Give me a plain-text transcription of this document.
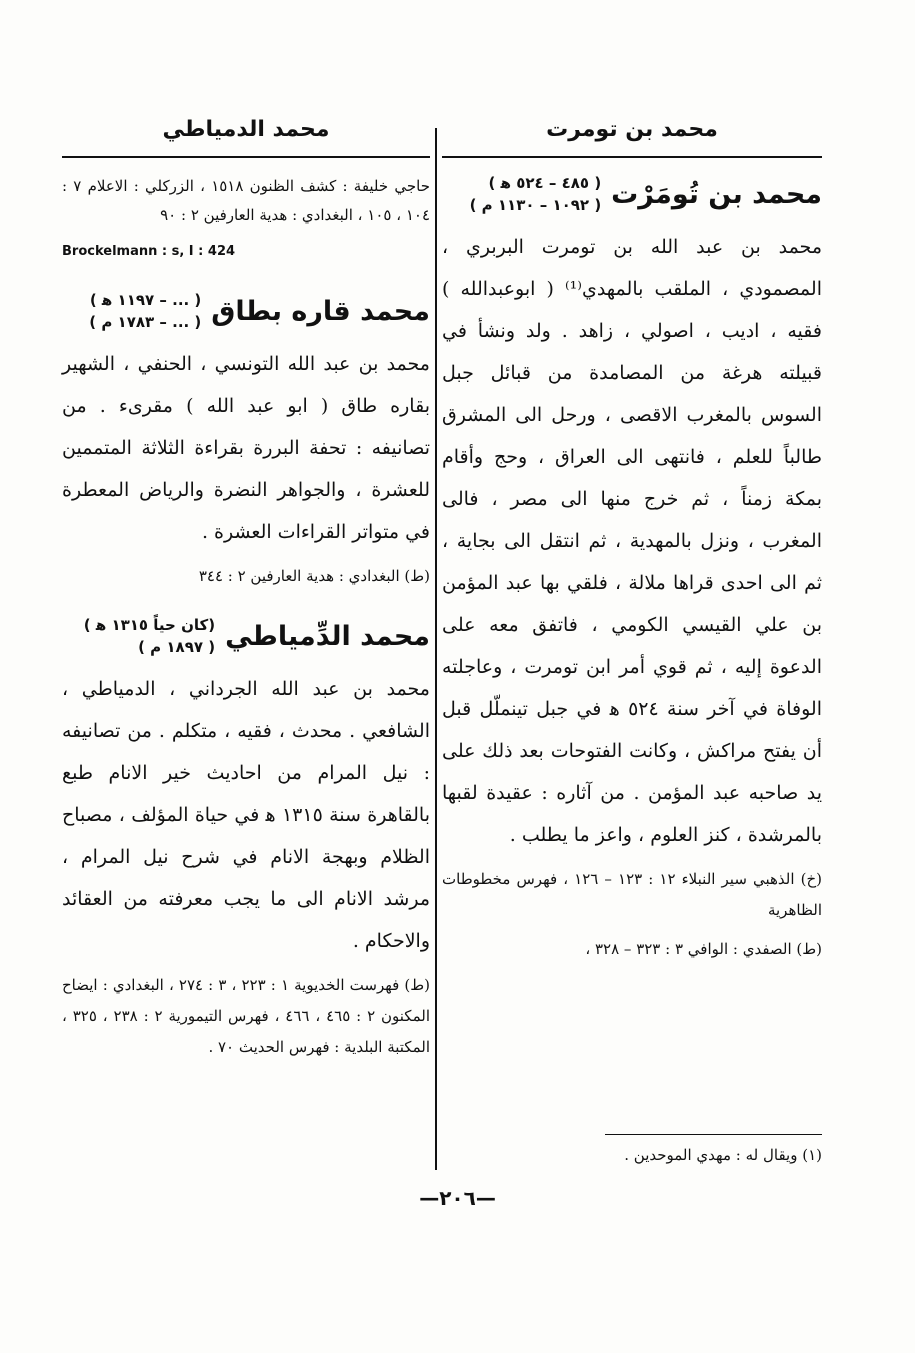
محمد بن تومرت
محمد بن تُومَرْت
( ٤٨٥ – ٥٢٤ ﻫ )
( ١٠٩٢ – ١١٣٠ م )

محمد بن عبد الله بن تومرت البربري ، المصمودي ، الملقب بالمهدي⁽¹⁾ ( ابوعبدالله ) فقيه ، اديب ، اصولي ، زاهد . ولد ونشأ في قبيلته هرغة من المصامدة من قبائل جبل السوس بالمغرب الاقصى ، ورحل الى المشرق طالباً للعلم ، فانتهى الى العراق ، وحج وأقام بمكة زمناً ، ثم خرج منها الى مصر ، فالى المغرب ، ونزل بالمهدية ، ثم انتقل الى بجاية ، ثم الى احدى قراها ملالة ، فلقي بها عبد المؤمن بن علي القيسي الكومي ، فاتفق معه على الدعوة إليه ، ثم قوي أمر ابن تومرت ، وعاجلته الوفاة في آخر سنة ٥٢٤ ﻫ في جبل تينملّل قبل أن يفتح مراكش ، وكانت الفتوحات بعد ذلك على يد صاحبه عبد المؤمن . من آثاره : عقيدة لقبها بالمرشدة ، كنز العلوم ، واعز ما يطلب .

(خ) الذهبي سير النبلاء ١٢ : ١٢٣ – ١٢٦ ، فهرس مخطوطات الظاهرية

(ط) الصفدي : الوافي ٣ : ٣٢٣ – ٣٢٨ ،

محمد الدمياطي

حاجي خليفة : كشف الظنون ١٥١٨ ، الزركلي : الاعلام ٧ : ١٠٤ ، ١٠٥ ، البغدادي : هدية العارفين ٢ : ٩٠

Brockelmann : s, I : 424
محمد قاره بطاق
( ... – ١١٩٧ ﻫ )
( ... – ١٧٨٣ م )

محمد بن عبد الله التونسي ، الحنفي ، الشهير بقاره طاق ( ابو عبد الله ) مقرىء . من تصانيفه : تحفة البررة بقراءة الثلاثة المتممين للعشرة ، والجواهر النضرة والرياض المعطرة في متواتر القراءات العشرة .

(ط) البغدادي : هدية العارفين ٢ : ٣٤٤

محمد الدِّمياطي
(كان حياً ١٣١٥ ﻫ )
( ١٨٩٧ م )

محمد بن عبد الله الجرداني ، الدمياطي ، الشافعي . محدث ، فقيه ، متكلم . من تصانيفه : نيل المرام من احاديث خير الانام طبع بالقاهرة سنة ١٣١٥ ﻫ في حياة المؤلف ، مصباح الظلام وبهجة الانام في شرح نيل المرام ، مرشد الانام الى ما يجب معرفته من العقائد والاحكام .

(ط) فهرست الخديوية ١ : ٢٢٣ ، ٣ : ٢٧٤ ، البغدادي : ايضاح المكنون ٢ : ٤٦٥ ، ٤٦٦ ، فهرس التيمورية ٢ : ٢٣٨ ، ٣٢٥ ، المكتبة البلدية : فهرس الحديث ٧٠ .

(١) ويقال له : مهدي الموحدين .
—٢٠٦—
